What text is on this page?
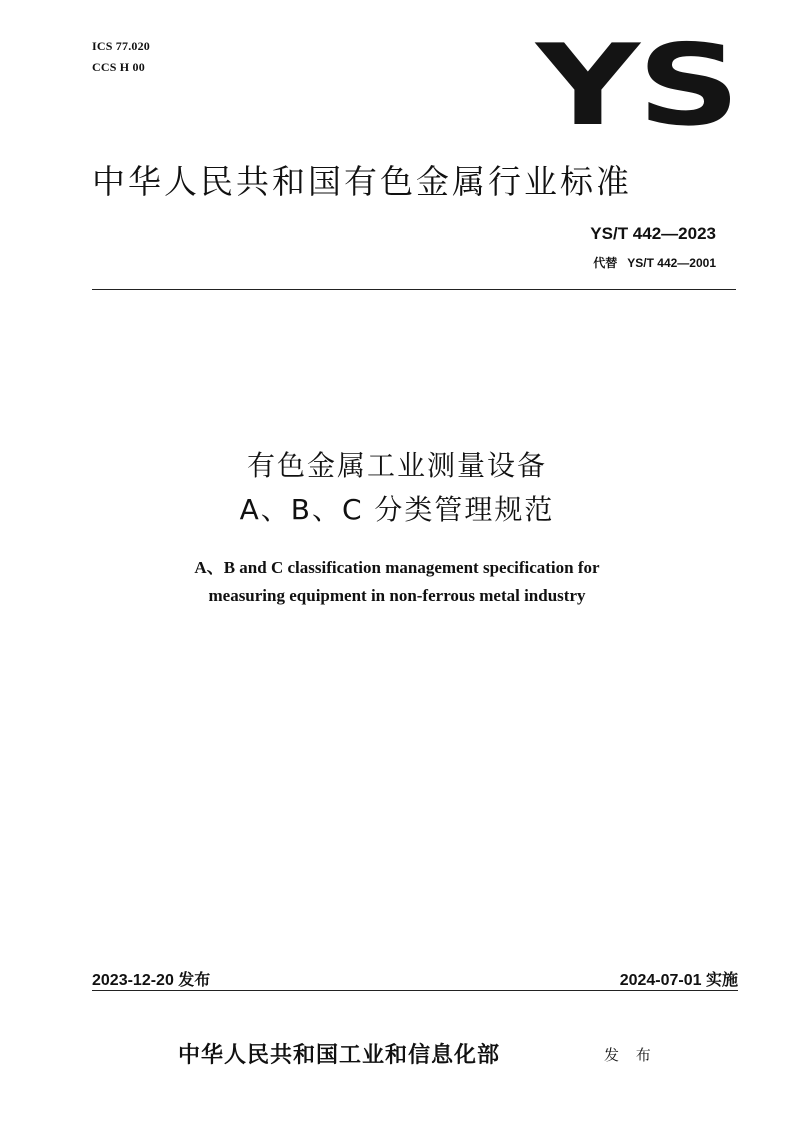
ICS 77.020
CCS H 00	YS
中华人民共和国有色金属行业标准
YS/T 442—2023
代替 YS/T 442—2001
有色金属工业测量设备
A、B、C 分类管理规范
A、B and C classification management specification for
measuring equipment in non-ferrous metal industry
2023-12-20 发布	2024-07-01 实施
中华人民共和国工业和信息化部	发 布
